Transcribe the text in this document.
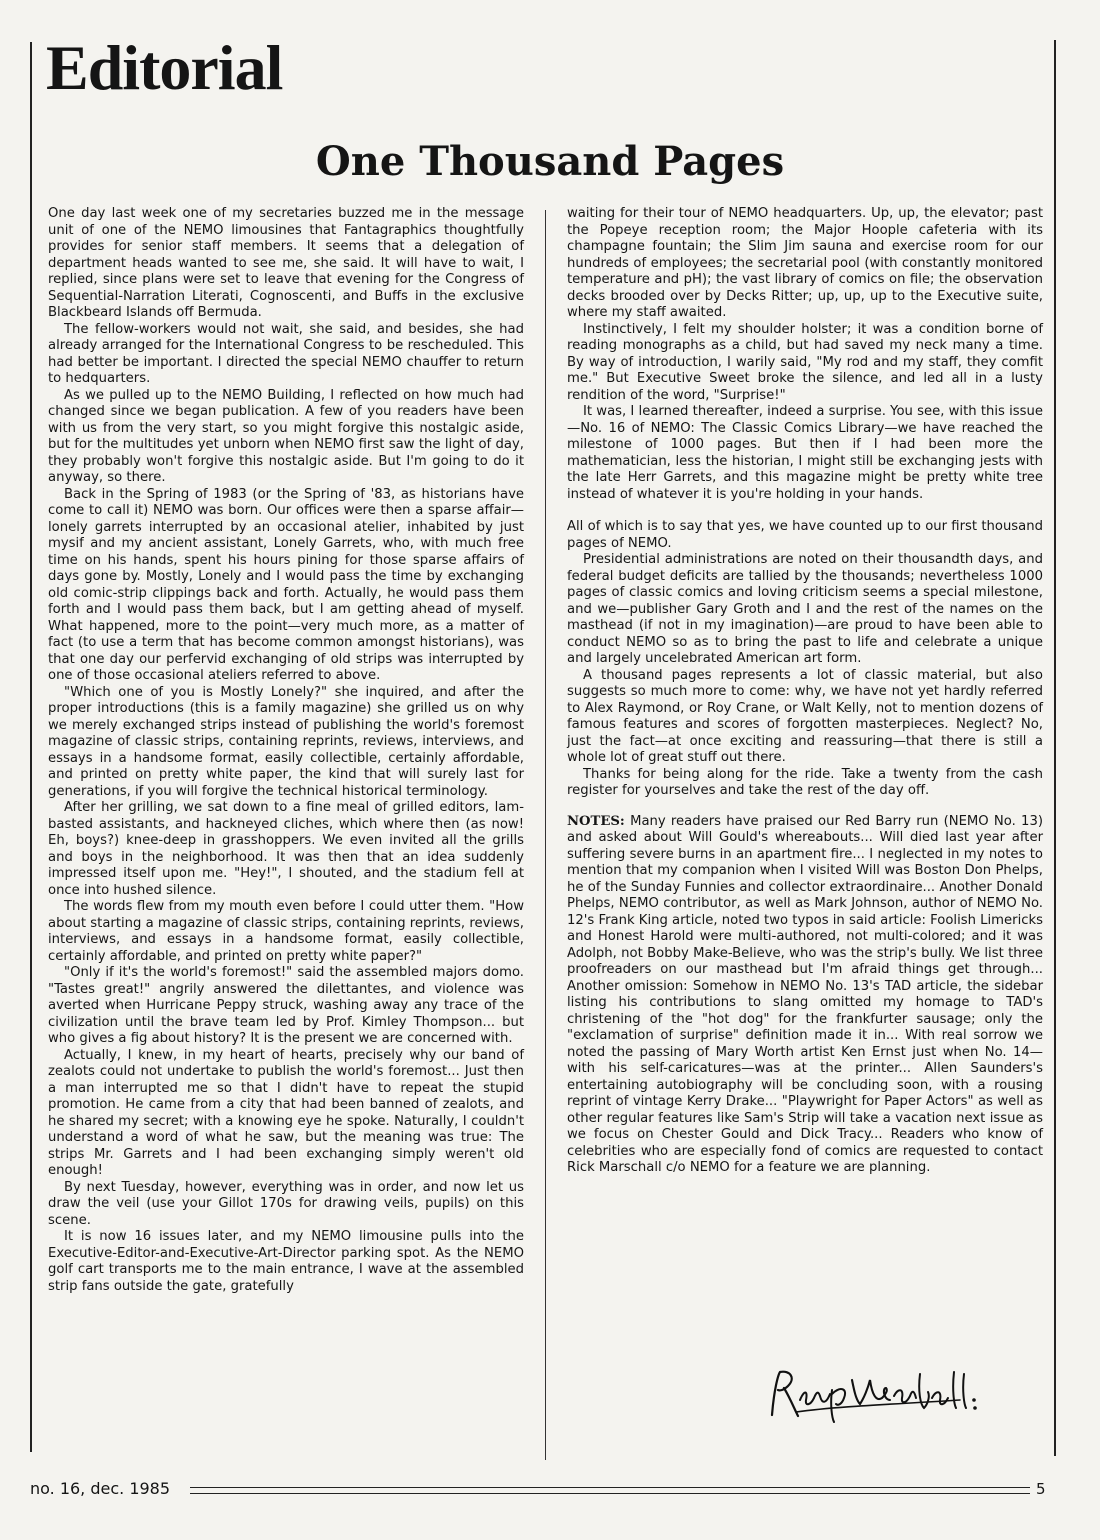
Editorial
One Thousand Pages

One day last week one of my secretaries buzzed me in the message unit of one of the NEMO limousines that Fantagraphics thoughtfully provides for senior staff members. It seems that a delegation of department heads wanted to see me, she said. It will have to wait, I replied, since plans were set to leave that evening for the Congress of Sequential-Narration Literati, Cognoscenti, and Buffs in the exclusive Blackbeard Islands off Bermuda.

The fellow-workers would not wait, she said, and besides, she had already arranged for the International Congress to be rescheduled. This had better be important. I directed the special NEMO chauffer to return to hedquarters.

As we pulled up to the NEMO Building, I reflected on how much had changed since we began publication. A few of you readers have been with us from the very start, so you might forgive this nostalgic aside, but for the multitudes yet unborn when NEMO first saw the light of day, they probably won't forgive this nostalgic aside. But I'm going to do it anyway, so there.

Back in the Spring of 1983 (or the Spring of '83, as historians have come to call it) NEMO was born. Our offices were then a sparse affair—lonely garrets interrupted by an occasional atelier, inhabited by just mysif and my ancient assistant, Lonely Garrets, who, with much free time on his hands, spent his hours pining for those sparse affairs of days gone by. Mostly, Lonely and I would pass the time by exchanging old comic-strip clippings back and forth. Actually, he would pass them forth and I would pass them back, but I am getting ahead of myself. What happened, more to the point—very much more, as a matter of fact (to use a term that has become common amongst historians), was that one day our perfervid exchanging of old strips was interrupted by one of those occasional ateliers referred to above.

"Which one of you is Mostly Lonely?" she inquired, and after the proper introductions (this is a family magazine) she grilled us on why we merely exchanged strips instead of publishing the world's foremost magazine of classic strips, containing reprints, reviews, interviews, and essays in a handsome format, easily collectible, certainly affordable, and printed on pretty white paper, the kind that will surely last for generations, if you will forgive the technical historical terminology.

After her grilling, we sat down to a fine meal of grilled editors, lam-basted assistants, and hackneyed cliches, which where then (as now! Eh, boys?) knee-deep in grasshoppers. We even invited all the grills and boys in the neighborhood. It was then that an idea suddenly impressed itself upon me. "Hey!", I shouted, and the stadium fell at once into hushed silence.

The words flew from my mouth even before I could utter them. "How about starting a magazine of classic strips, containing reprints, reviews, interviews, and essays in a handsome format, easily collectible, certainly affordable, and printed on pretty white paper?"

"Only if it's the world's foremost!" said the assembled majors domo. "Tastes great!" angrily answered the dilettantes, and violence was averted when Hurricane Peppy struck, washing away any trace of the civilization until the brave team led by Prof. Kimley Thompson... but who gives a fig about history? It is the present we are concerned with.

Actually, I knew, in my heart of hearts, precisely why our band of zealots could not undertake to publish the world's foremost... Just then a man interrupted me so that I didn't have to repeat the stupid promotion. He came from a city that had been banned of zealots, and he shared my secret; with a knowing eye he spoke. Naturally, I couldn't understand a word of what he saw, but the meaning was true: The strips Mr. Garrets and I had been exchanging simply weren't old enough!

By next Tuesday, however, everything was in order, and now let us draw the veil (use your Gillot 170s for drawing veils, pupils) on this scene.

It is now 16 issues later, and my NEMO limousine pulls into the Executive-Editor-and-Executive-Art-Director parking spot. As the NEMO golf cart transports me to the main entrance, I wave at the assembled strip fans outside the gate, gratefully

waiting for their tour of NEMO headquarters. Up, up, the elevator; past the Popeye reception room; the Major Hoople cafeteria with its champagne fountain; the Slim Jim sauna and exercise room for our hundreds of employees; the secretarial pool (with constantly monitored temperature and pH); the vast library of comics on file; the observation decks brooded over by Decks Ritter; up, up, up to the Executive suite, where my staff awaited.

Instinctively, I felt my shoulder holster; it was a condition borne of reading monographs as a child, but had saved my neck many a time. By way of introduction, I warily said, "My rod and my staff, they comfit me." But Executive Sweet broke the silence, and led all in a lusty rendition of the word, "Surprise!"

It was, I learned thereafter, indeed a surprise. You see, with this issue—No. 16 of NEMO: The Classic Comics Library—we have reached the milestone of 1000 pages. But then if I had been more the mathematician, less the historian, I might still be exchanging jests with the late Herr Garrets, and this magazine might be pretty white tree instead of whatever it is you're holding in your hands.

All of which is to say that yes, we have counted up to our first thousand pages of NEMO.

Presidential administrations are noted on their thousandth days, and federal budget deficits are tallied by the thousands; nevertheless 1000 pages of classic comics and loving criticism seems a special milestone, and we—publisher Gary Groth and I and the rest of the names on the masthead (if not in my imagination)—are proud to have been able to conduct NEMO so as to bring the past to life and celebrate a unique and largely uncelebrated American art form.

A thousand pages represents a lot of classic material, but also suggests so much more to come: why, we have not yet hardly referred to Alex Raymond, or Roy Crane, or Walt Kelly, not to mention dozens of famous features and scores of forgotten masterpieces. Neglect? No, just the fact—at once exciting and reassuring—that there is still a whole lot of great stuff out there.

Thanks for being along for the ride. Take a twenty from the cash register for yourselves and take the rest of the day off.

NOTES: Many readers have praised our Red Barry run (NEMO No. 13) and asked about Will Gould's whereabouts... Will died last year after suffering severe burns in an apartment fire... I neglected in my notes to mention that my companion when I visited Will was Boston Don Phelps, he of the Sunday Funnies and collector extraordinaire... Another Donald Phelps, NEMO contributor, as well as Mark Johnson, author of NEMO No. 12's Frank King article, noted two typos in said article: Foolish Limericks and Honest Harold were multi-authored, not multi-colored; and it was Adolph, not Bobby Make-Believe, who was the strip's bully. We list three proofreaders on our masthead but I'm afraid things get through... Another omission: Somehow in NEMO No. 13's TAD article, the sidebar listing his contributions to slang omitted my homage to TAD's christening of the "hot dog" for the frankfurter sausage; only the "exclamation of surprise" definition made it in... With real sorrow we noted the passing of Mary Worth artist Ken Ernst just when No. 14—with his self-caricatures—was at the printer... Allen Saunders's entertaining autobiography will be concluding soon, with a rousing reprint of vintage Kerry Drake... "Playwright for Paper Actors" as well as other regular features like Sam's Strip will take a vacation next issue as we focus on Chester Gould and Dick Tracy... Readers who know of celebrities who are especially fond of comics are requested to contact Rick Marschall c/o NEMO for a feature we are planning.

no. 16, dec. 1985	5
